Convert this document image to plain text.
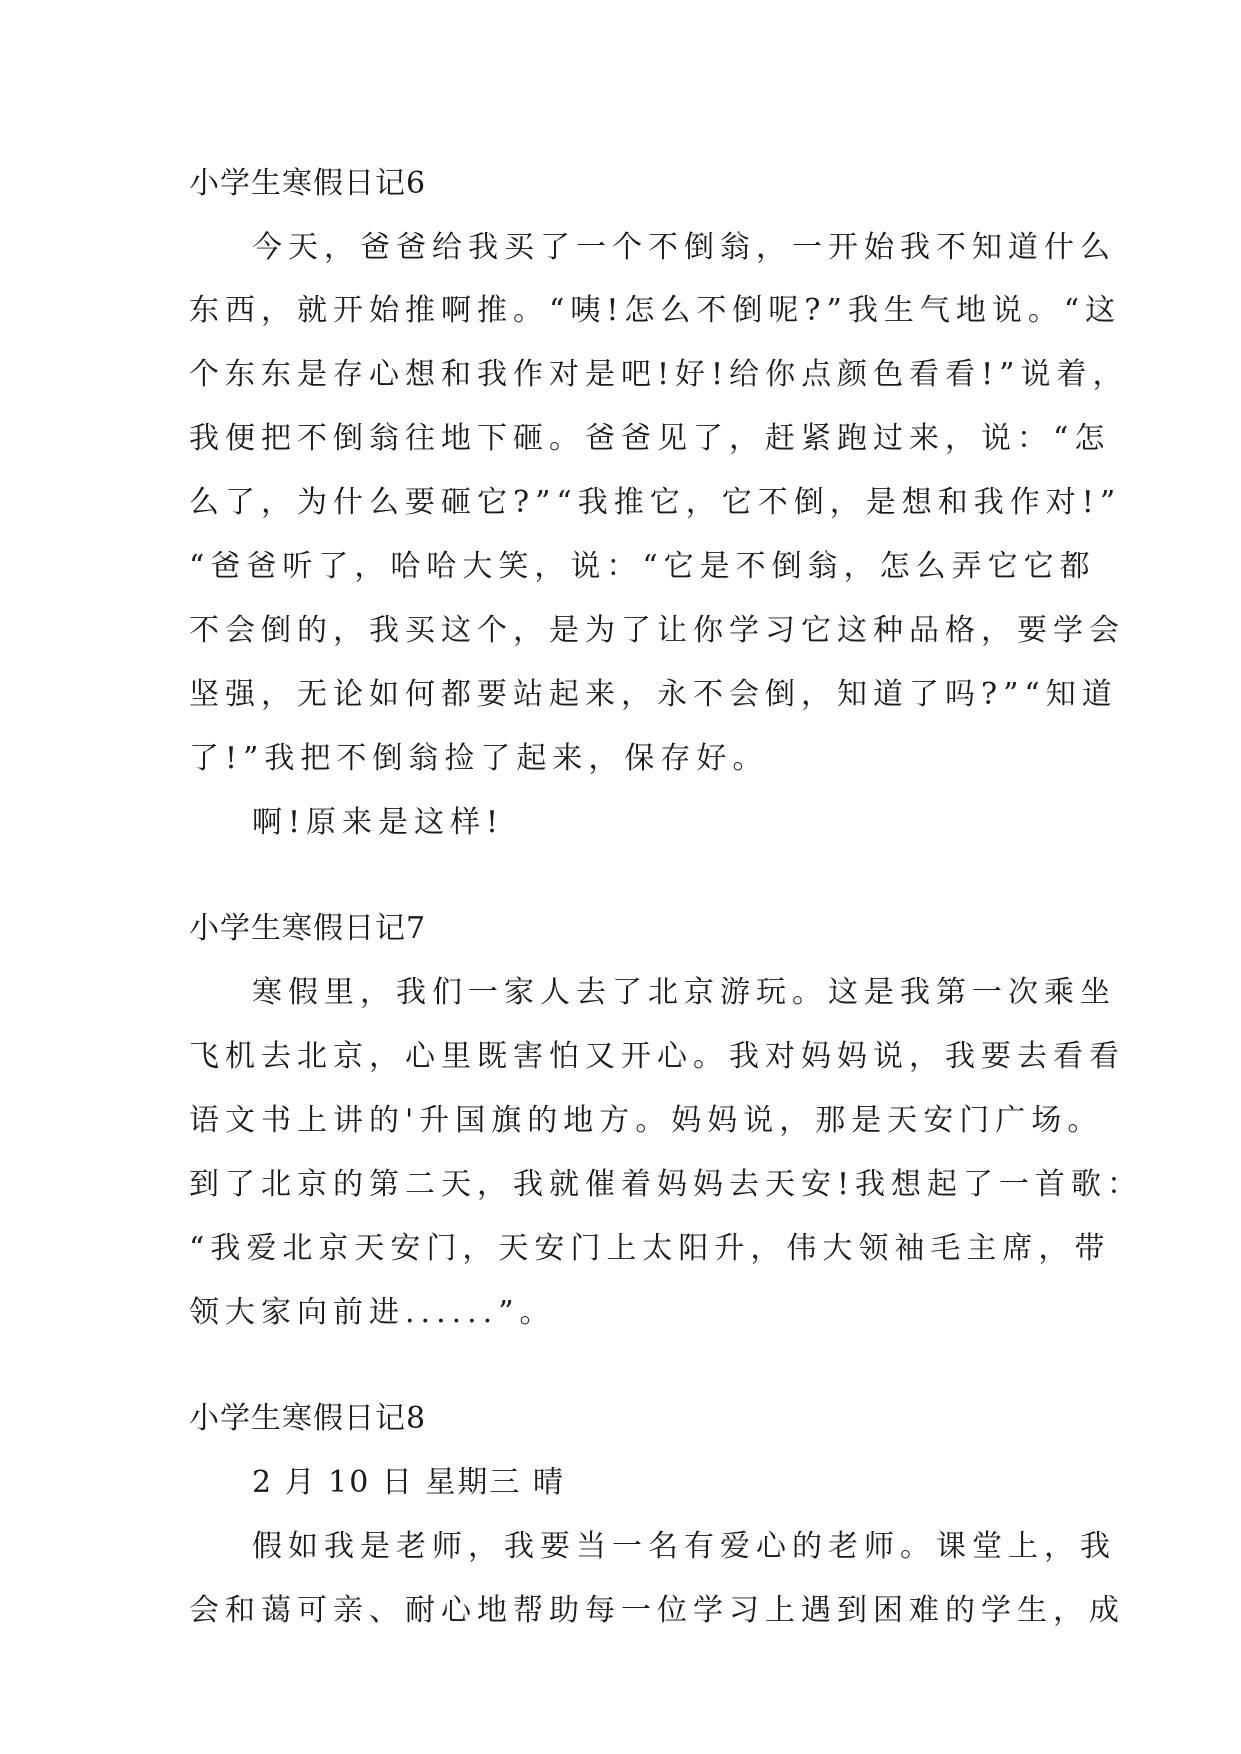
小学生寒假日记6
今天，爸爸给我买了一个不倒翁，一开始我不知道什么
东西，就开始推啊推。“咦!怎么不倒呢?”我生气地说。“这
个东东是存心想和我作对是吧!好!给你点颜色看看!”说着，
我便把不倒翁往地下砸。爸爸见了，赶紧跑过来，说：“怎
么了，为什么要砸它?”“我推它，它不倒，是想和我作对!”
“爸爸听了，哈哈大笑，说：“它是不倒翁，怎么弄它它都
不会倒的，我买这个，是为了让你学习它这种品格，要学会
坚强，无论如何都要站起来，永不会倒，知道了吗?”“知道
了!”我把不倒翁捡了起来，保存好。
啊!原来是这样!
小学生寒假日记7
寒假里，我们一家人去了北京游玩。这是我第一次乘坐
飞机去北京，心里既害怕又开心。我对妈妈说，我要去看看
语文书上讲的'升国旗的地方。妈妈说，那是天安门广场。
到了北京的第二天，我就催着妈妈去天安!我想起了一首歌：
“我爱北京天安门，天安门上太阳升，伟大领袖毛主席，带
领大家向前进......”。
小学生寒假日记8
2 月 10 日 星期三 晴
假如我是老师，我要当一名有爱心的老师。课堂上，我
会和蔼可亲、耐心地帮助每一位学习上遇到困难的学生，成
